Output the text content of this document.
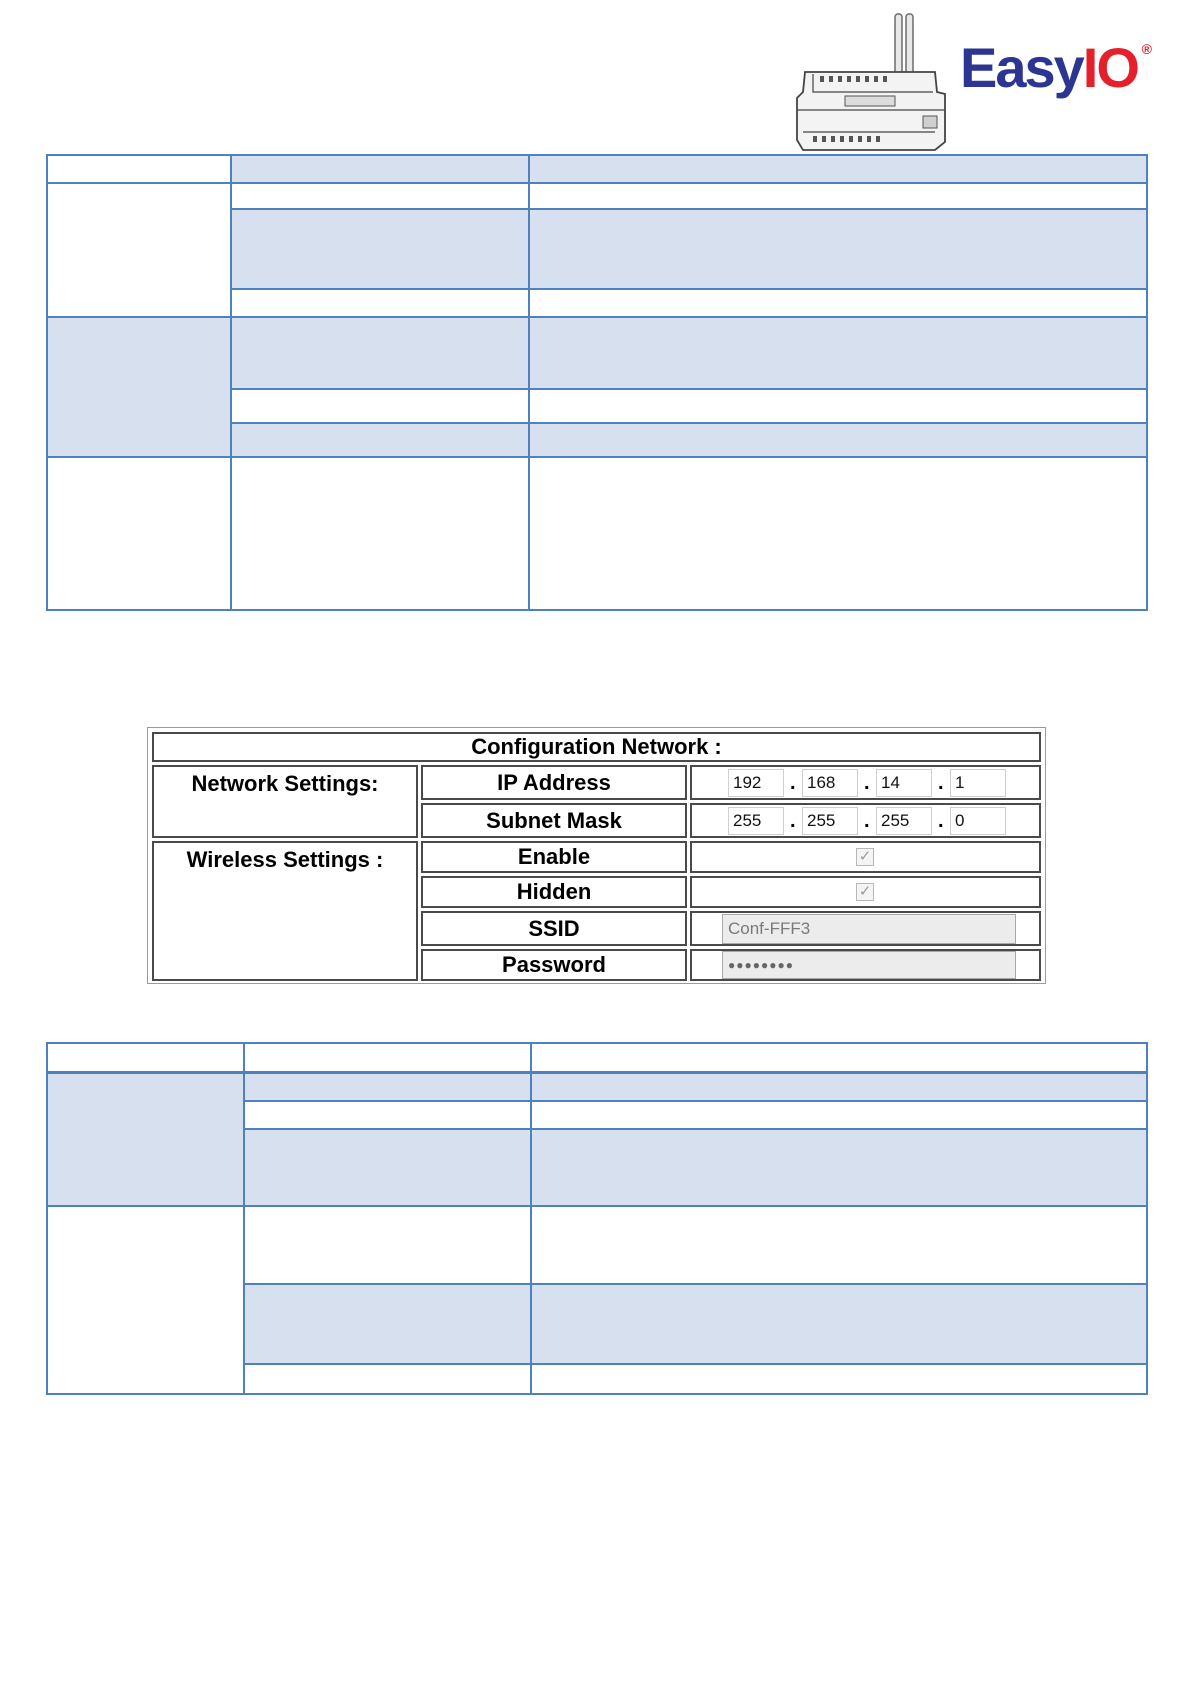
EasyIO ®
Configuration Network :
Network Settings:
Wireless Settings :
IP Address	192	. 168	. 14	. 1
Subnet Mask	255	. 255	. 255	. 0
Enable	✓
Hidden	✓
SSID	Conf-FFF3
Password	●●●●●●●●
